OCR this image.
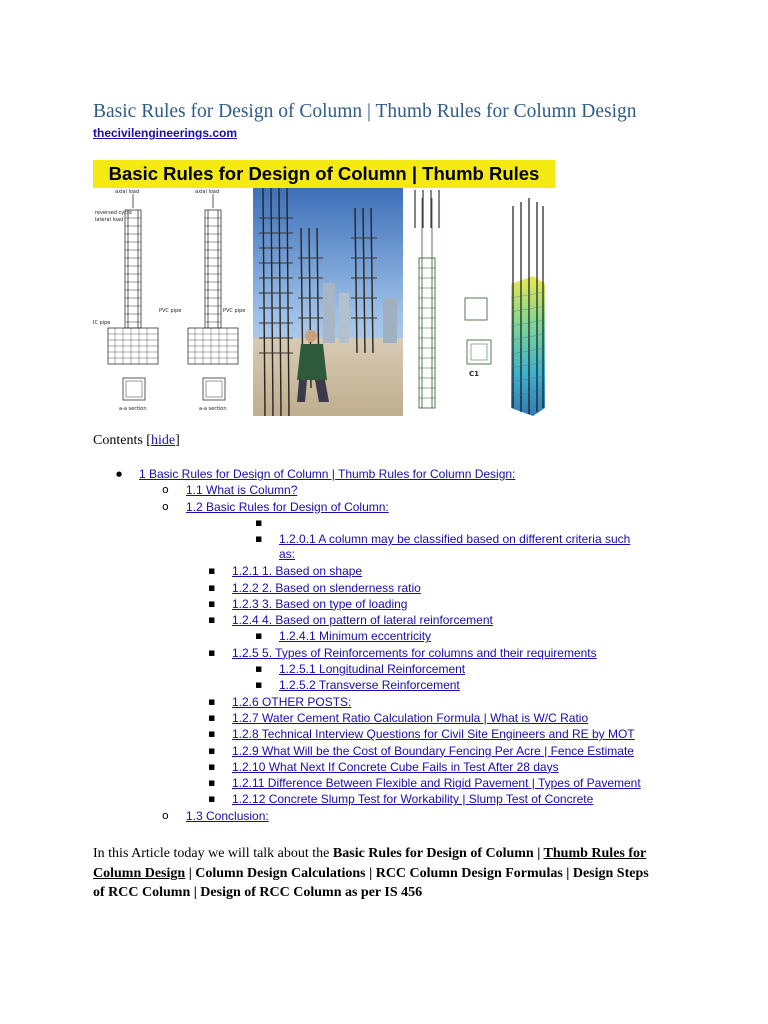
Basic Rules for Design of Column | Thumb Rules for Column Design
thecivilengineerings.com
Basic Rules for Design of Column | Thumb Rules
axial load	axial load
reversed cyclic
lateral load
PVC pipe	PVC pipe
IC pipe
a-a section	a-a section
C1
Contents [hide]
● 1 Basic Rules for Design of Column | Thumb Rules for Column Design:
o 1.1 What is Column?
o 1.2 Basic Rules for Design of Column:
▪
▪ 1.2.0.1 A column may be classified based on different criteria such
as:
▪ 1.2.1 1. Based on shape
▪ 1.2.2 2. Based on slenderness ratio
▪ 1.2.3 3. Based on type of loading
▪ 1.2.4 4. Based on pattern of lateral reinforcement
▪ 1.2.4.1 Minimum eccentricity
▪ 1.2.5 5. Types of Reinforcements for columns and their requirements
▪ 1.2.5.1 Longitudinal Reinforcement
▪ 1.2.5.2 Transverse Reinforcement
▪ 1.2.6 OTHER POSTS:
▪ 1.2.7 Water Cement Ratio Calculation Formula | What is W/C Ratio
▪ 1.2.8 Technical Interview Questions for Civil Site Engineers and RE by MOT
▪ 1.2.9 What Will be the Cost of Boundary Fencing Per Acre | Fence Estimate
▪ 1.2.10 What Next If Concrete Cube Fails in Test After 28 days
▪ 1.2.11 Difference Between Flexible and Rigid Pavement | Types of Pavement
▪ 1.2.12 Concrete Slump Test for Workability | Slump Test of Concrete
o 1.3 Conclusion:

In this Article today we will talk about the Basic Rules for Design of Column | Thumb Rules for Column Design | Column Design Calculations | RCC Column Design Formulas | Design Steps of RCC Column | Design of RCC Column as per IS 456
